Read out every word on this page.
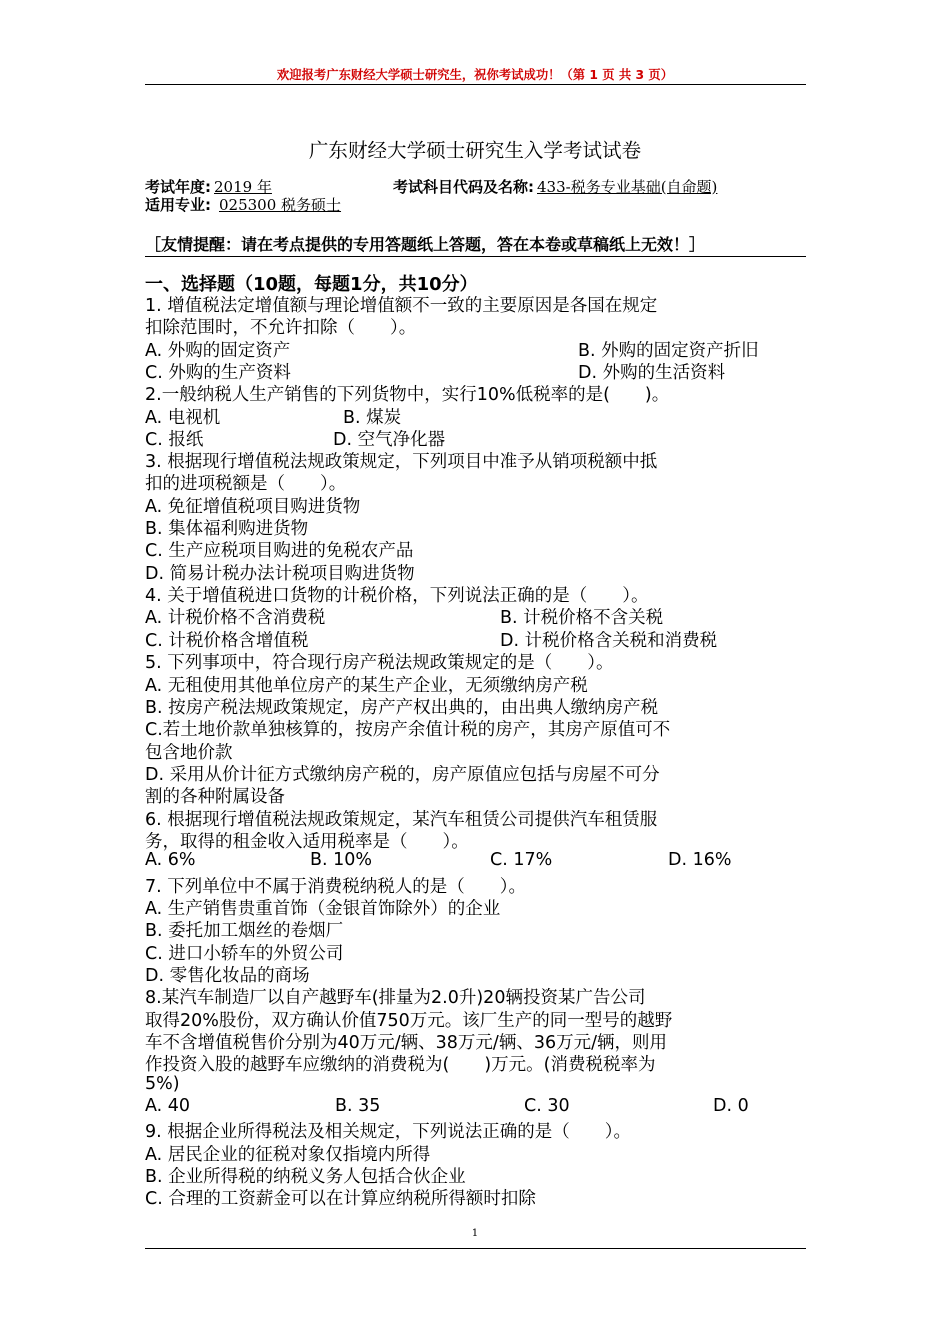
欢迎报考广东财经大学硕士研究生，祝你考试成功！（第 1 页 共 3 页）
广东财经大学硕士研究生入学考试试卷
考试年度: 2019 年	考试科目代码及名称: 433-税务专业基础(自命题)
适用专业: 025300 税务硕士
［友情提醒：请在考点提供的专用答题纸上答题，答在本卷或草稿纸上无效！］
一、选择题（10题，每题1分，共10分）
1. 增值税法定增值额与理论增值额不一致的主要原因是各国在规定
扣除范围时，不允许扣除（　　）。
A. 外购的固定资产	B. 外购的固定资产折旧
C. 外购的生产资料	D. 外购的生活资料
2.一般纳税人生产销售的下列货物中，实行10%低税率的是(　　)。
A. 电视机	B. 煤炭
C. 报纸	D. 空气净化器
3. 根据现行增值税法规政策规定，下列项目中准予从销项税额中抵
扣的进项税额是（　　）。
A. 免征增值税项目购进货物
B. 集体福利购进货物
C. 生产应税项目购进的免税农产品
D. 简易计税办法计税项目购进货物
4. 关于增值税进口货物的计税价格，下列说法正确的是（　　）。
A. 计税价格不含消费税	B. 计税价格不含关税
C. 计税价格含增值税	D. 计税价格含关税和消费税
5. 下列事项中，符合现行房产税法规政策规定的是（　　）。
A. 无租使用其他单位房产的某生产企业，无须缴纳房产税
B. 按房产税法规政策规定，房产产权出典的，由出典人缴纳房产税
C.若土地价款单独核算的，按房产余值计税的房产，其房产原值可不
包含地价款
D. 采用从价计征方式缴纳房产税的，房产原值应包括与房屋不可分
割的各种附属设备
6. 根据现行增值税法规政策规定，某汽车租赁公司提供汽车租赁服
务，取得的租金收入适用税率是（　　）。
A. 6%	B. 10%	C. 17%	D. 16%
7. 下列单位中不属于消费税纳税人的是（　　）。
A. 生产销售贵重首饰（金银首饰除外）的企业
B. 委托加工烟丝的卷烟厂
C. 进口小轿车的外贸公司
D. 零售化妆品的商场
8.某汽车制造厂以自产越野车(排量为2.0升)20辆投资某广告公司
取得20%股份，双方确认价值750万元。该厂生产的同一型号的越野
车不含增值税售价分别为40万元/辆、38万元/辆、36万元/辆，则用
作投资入股的越野车应缴纳的消费税为(　　)万元。(消费税税率为
5%)
A. 40	B. 35	C. 30	D. 0
9. 根据企业所得税法及相关规定，下列说法正确的是（　　）。
A. 居民企业的征税对象仅指境内所得
B. 企业所得税的纳税义务人包括合伙企业
C. 合理的工资薪金可以在计算应纳税所得额时扣除
1
